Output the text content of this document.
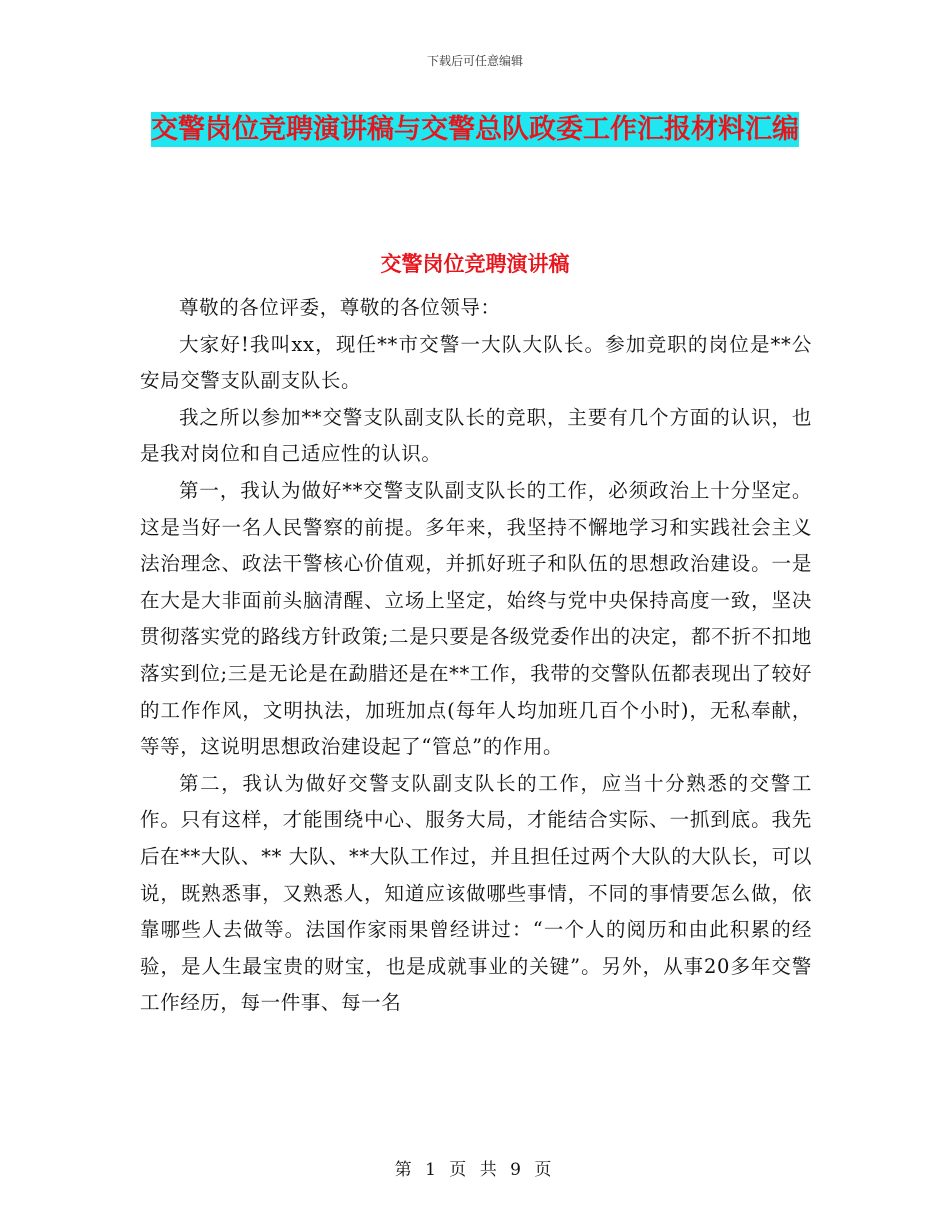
下载后可任意编辑
交警岗位竞聘演讲稿与交警总队政委工作汇报材料汇编
交警岗位竞聘演讲稿

尊敬的各位评委，尊敬的各位领导：

大家好!我叫xx，现任**市交警一大队大队长。参加竞职的岗位是**公安局交警支队副支队长。

我之所以参加**交警支队副支队长的竞职，主要有几个方面的认识，也是我对岗位和自己适应性的认识。

第一，我认为做好**交警支队副支队长的工作，必须政治上十分坚定。这是当好一名人民警察的前提。多年来，我坚持不懈地学习和实践社会主义法治理念、政法干警核心价值观，并抓好班子和队伍的思想政治建设。一是在大是大非面前头脑清醒、立场上坚定，始终与党中央保持高度一致，坚决贯彻落实党的路线方针政策;二是只要是各级党委作出的决定，都不折不扣地落实到位;三是无论是在勐腊还是在**工作，我带的交警队伍都表现出了较好的工作作风，文明执法，加班加点(每年人均加班几百个小时)，无私奉献，等等，这说明思想政治建设起了“管总”的作用。

第二，我认为做好交警支队副支队长的工作，应当十分熟悉的交警工作。只有这样，才能围绕中心、服务大局，才能结合实际、一抓到底。我先后在**大队、** 大队、**大队工作过，并且担任过两个大队的大队长，可以说，既熟悉事，又熟悉人，知道应该做哪些事情，不同的事情要怎么做，依靠哪些人去做等。法国作家雨果曾经讲过：“一个人的阅历和由此积累的经验，是人生最宝贵的财宝，也是成就事业的关键”。另外，从事20多年交警工作经历，每一件事、每一名

第 1 页 共 9 页
